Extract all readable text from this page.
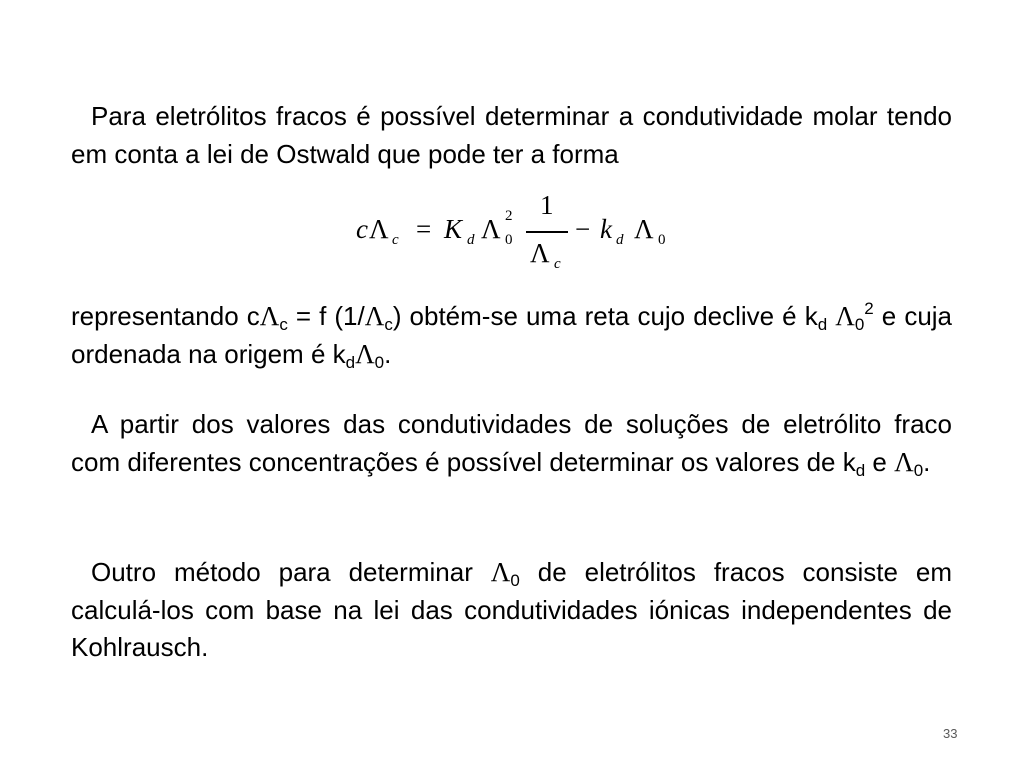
Para eletrólitos fracos é possível determinar a condutividade molar tendo em conta a lei de Ostwald que pode ter a forma

c Λ c = K d Λ 2
0
1
Λ c
− k d Λ 0

representando $c\Lambda_c = f$ $(1/\Lambda_c)$ obtém-se uma reta cujo declive é $k_d$ $\Lambda_0^2$ e cuja ordenada na origem é $k_d\Lambda_0$.

A partir dos valores das condutividades de soluções de eletrólito fraco com diferentes concentrações é possível determinar os valores de $k_d$ e $\Lambda_0$.

Outro método para determinar $\Lambda_0$ de eletrólitos fracos consiste em calculá-los com base na lei das condutividades iónicas independentes de Kohlrausch.

33
